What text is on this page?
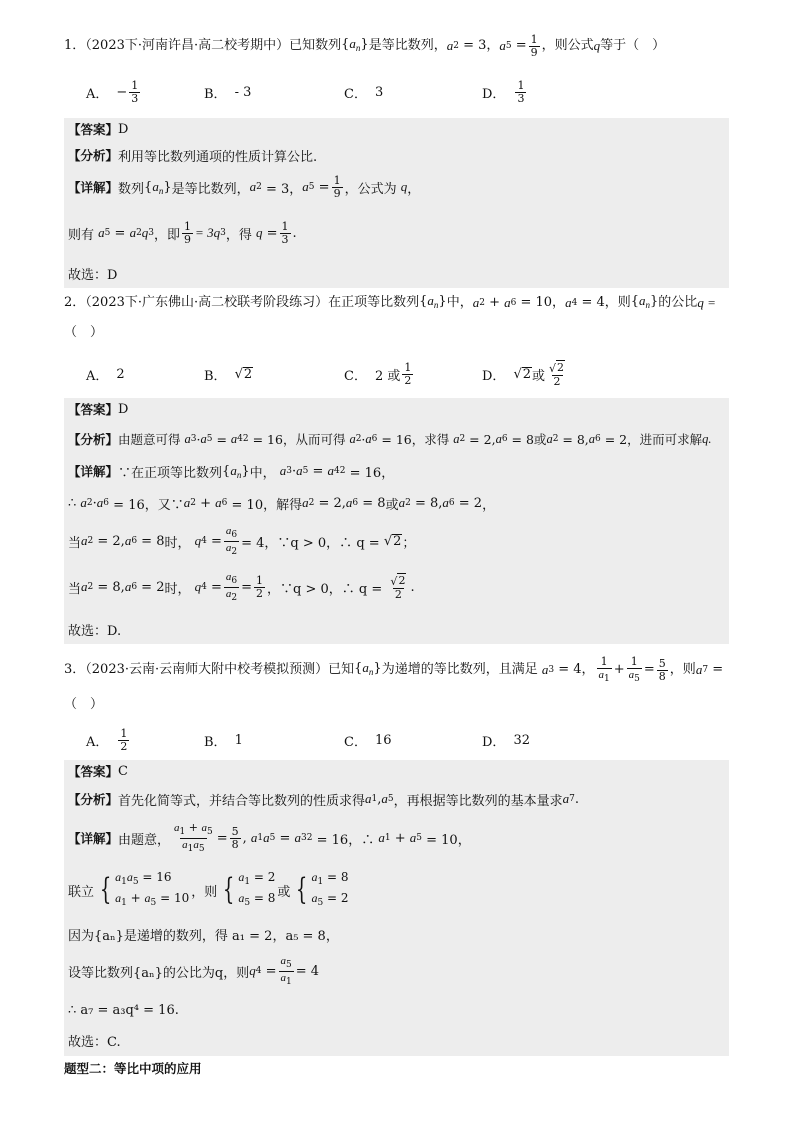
1．（2023下·河南许昌·高二校考期中）已知数列 $\{a_n\}$ 是等比数列， a 2
= 3， a 5
= $\frac{1}{9}$ ，则公式 q 等于（　）
A． − $\frac{1}{3}$	B． - 3	C． 3	D． $\frac{1}{3}$
【答案】 D
【分析】 利用等比数列通项的性质计算公比.
【详解】 数列 $\{a_n\}$ 是等比数列， a 2
= 3， a 5
= $\frac{1}{9}$ ，公式为
q ，
则有
a 5 = a 2 q 3 ，即 $\frac{1}{9} = 3q$ 3 ，得
$q = \frac{1}{3}$ .
故选：D
2．（2023下·广东佛山·高二校联考阶段练习）在正项等比数列 $\{a_n\}$ 中， a 2 + a 6
= 10， a 4
= 4，则 $\{a_n\}$ 的公比 q =
（　）
A． 2	B． √ 2	C． 2 或 $\frac{1}{2}$	D． √ 2 或 $\frac{√ 2}{2}$
【答案】 D
【分析】 由题意可得
a 3 · a 5 = a 4 2
= 16，从而可得
a 2 · a 6
= 16，求得
a 2 = 2, a 6 = 8 或 a 2 = 8, a 6 = 2 ，进而可求解 q.
【详解】 ∵在正项等比数列 $\{a_n\}$ 中，
a 3 · a 5 = a 4 2
= 16，
∴
a 2 · a 6
= 16，又∵ a 2 + a 6
= 10，解得 a 2 = 2, a 6 = 8 或 a 2 = 8, a 6 = 2 ，
当 a 2 = 2, a 6 = 8 时，
q $4 = \frac{a_6}{a_2} = 4$，∵q > 0，∴ q =
√ 2 ；
当 a 2 = 8, a 6 = 2 时，
q $4 = \frac{a_6}{a_2} = \frac{1}{2}$ ，∵q > 0，∴ q =
$\frac{√ 2}{2}$ .
故选：D.
3．（2023·云南·云南师大附中校考模拟预测）已知 $\{a_n\}$ 为递增的等比数列，且满足
a 3
= 4， $\frac{1}{a_1} + \frac{1}{a_5} = \frac{5}{8}$ ，则 a 7
=
（　）
A． $\frac{1}{2}$	B． 1	C． 16	D． 32
【答案】 C
【分析】 首先化简等式，并结合等比数列的性质求得 a 1 , a 5 ，再根据等比数列的基本量求 a 7 .
【详解】 由题意， $\frac{a_1 + a_5}{a_1a_5} = \frac{5}{8}$ , a 1 a 5 = a 3 2
= 16，∴
a 1 + a 5
= 10，
联立 { $a_1a_5 = 16$
$a_1 + a_5 = 10$ ，则 { $a_1 = 2$
$a_5 = 8$ 或 { $a_1 = 8$
$a_5 = 2$
因为{aₙ}是递增的数列，得 a₁ = 2，a₅ = 8，
设等比数列{aₙ}的公比为q，则 q $4 = \frac{a_5}{a_1} = 4$
∴ a₇ = a₃q⁴ = 16.
故选：C.
题型二：等比中项的应用
